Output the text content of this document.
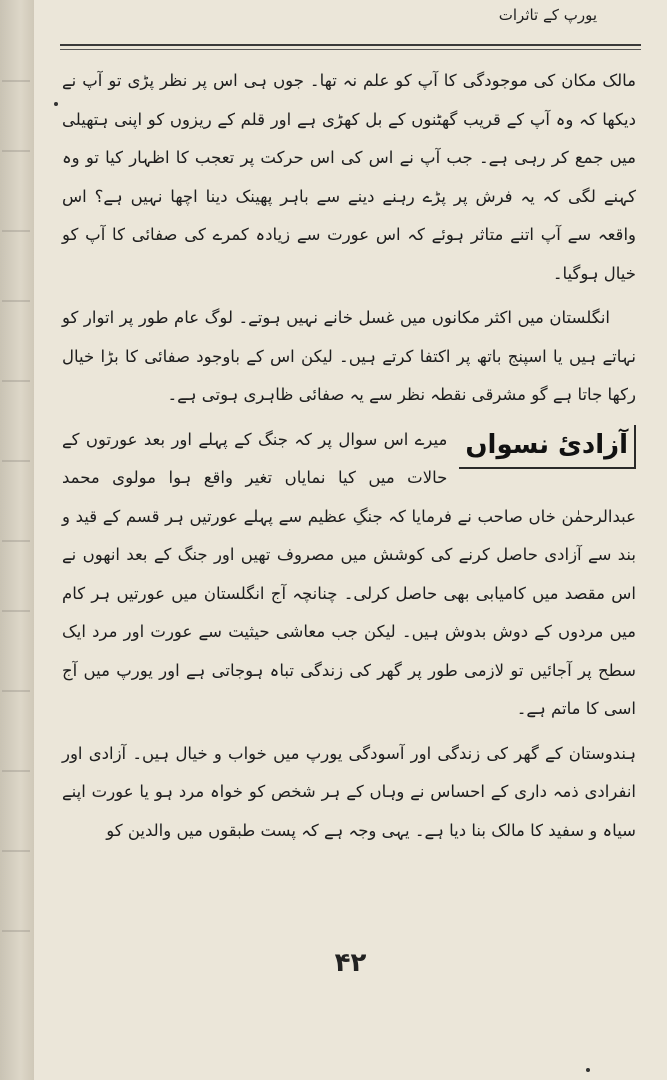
یورپ کے تاثرات

مالک مکان کی موجودگی کا آپ کو علم نہ تھا۔ جوں ہی اس پر نظر پڑی تو آپ نے دیکھا کہ وہ آپ کے قریب گھٹنوں کے بل کھڑی ہے اور قلم کے ریزوں کو اپنی ہتھیلی میں جمع کر رہی ہے۔ جب آپ نے اس کی اس حرکت پر تعجب کا اظہار کیا تو وہ کہنے لگی کہ یہ فرش پر پڑے رہنے دینے سے باہر پھینک دینا اچھا نہیں ہے؟ اس واقعہ سے آپ اتنے متاثر ہوئے کہ اس عورت سے زیادہ کمرے کی صفائی کا آپ کو خیال ہوگیا۔

انگلستان میں اکثر مکانوں میں غسل خانے نہیں ہوتے۔ لوگ عام طور پر اتوار کو نہاتے ہیں یا اسپنج باتھ پر اکتفا کرتے ہیں۔ لیکن اس کے باوجود صفائی کا بڑا خیال رکھا جاتا ہے گو مشرقی نقطہ نظر سے یہ صفائی ظاہری ہوتی ہے۔

آزادیٔ نسواں

میرے اس سوال پر کہ جنگ کے پہلے اور بعد عورتوں کے حالات میں کیا نمایاں تغیر واقع ہوا مولوی محمد عبدالرحمٰن خاں صاحب نے فرمایا کہ جنگِ عظیم سے پہلے عورتیں ہر قسم کے قید و بند سے آزادی حاصل کرنے کی کوشش میں مصروف تھیں اور جنگ کے بعد انھوں نے اس مقصد میں کامیابی بھی حاصل کرلی۔ چنانچہ آج انگلستان میں عورتیں ہر کام میں مردوں کے دوش بدوش ہیں۔ لیکن جب معاشی حیثیت سے عورت اور مرد ایک سطح پر آجائیں تو لازمی طور پر گھر کی زندگی تباہ ہوجاتی ہے اور یورپ میں آج اسی کا ماتم ہے۔

ہندوستان کے گھر کی زندگی اور آسودگی یورپ میں خواب و خیال ہیں۔ آزادی اور انفرادی ذمہ داری کے احساس نے وہاں کے ہر شخص کو خواہ مرد ہو یا عورت اپنے سیاہ و سفید کا مالک بنا دیا ہے۔ یہی وجہ ہے کہ پست طبقوں میں والدین کو

۴۲
